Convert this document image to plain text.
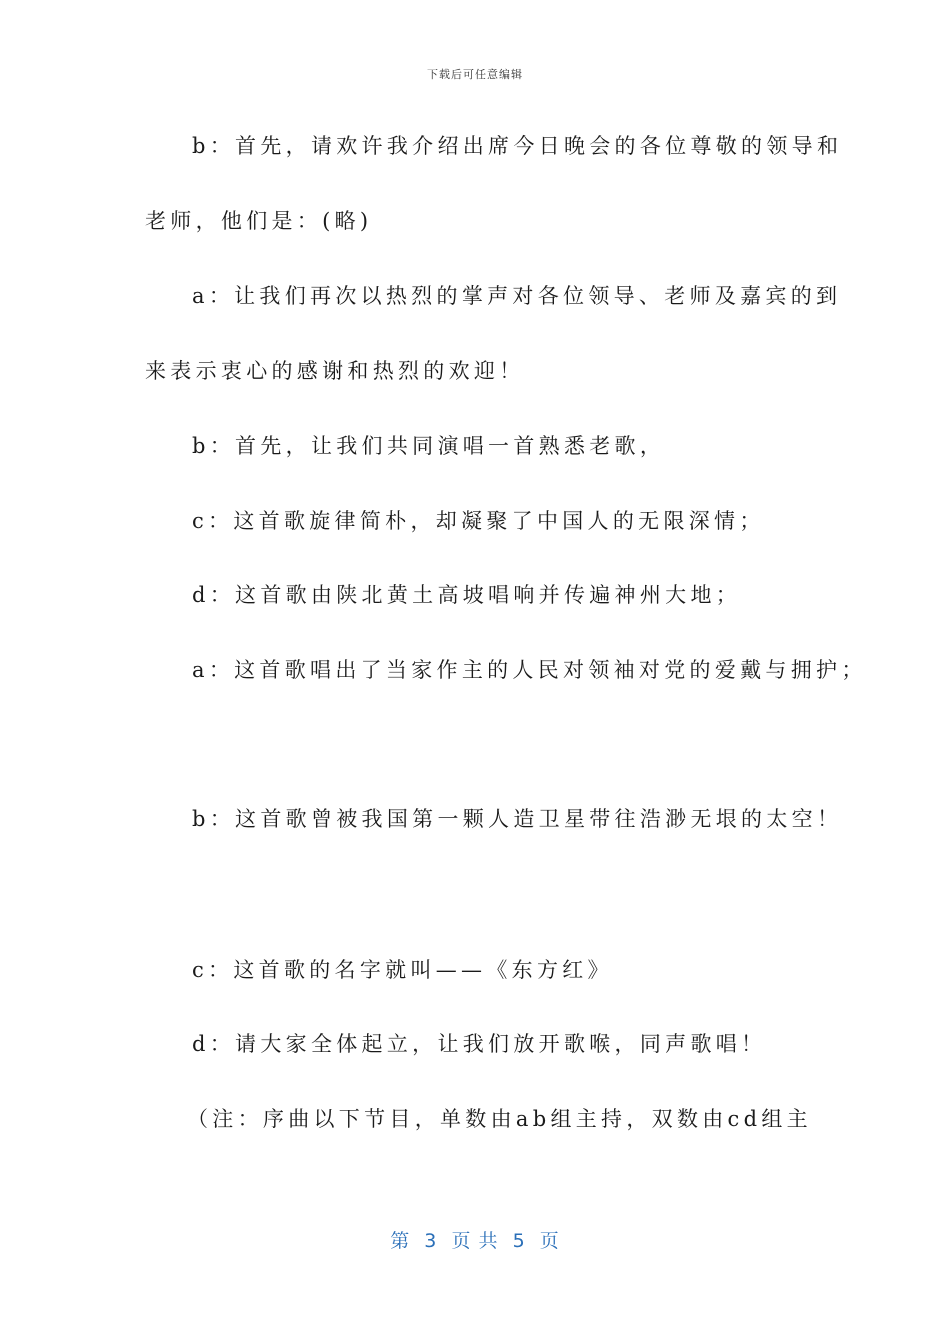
下载后可任意编辑
b：首先，请欢许我介绍出席今日晚会的各位尊敬的领导和
老师，他们是：(略)
a：让我们再次以热烈的掌声对各位领导、老师及嘉宾的到
来表示衷心的感谢和热烈的欢迎！
b：首先，让我们共同演唱一首熟悉老歌，
c：这首歌旋律简朴，却凝聚了中国人的无限深情；
d：这首歌由陕北黄土高坡唱响并传遍神州大地；
a：这首歌唱出了当家作主的人民对领袖对党的爱戴与拥护；
b：这首歌曾被我国第一颗人造卫星带往浩渺无垠的太空！
c：这首歌的名字就叫——《东方红》
d：请大家全体起立，让我们放开歌喉，同声歌唱！
（注：序曲以下节目，单数由ab组主持，双数由cd组主
第  3  页 共  5  页
